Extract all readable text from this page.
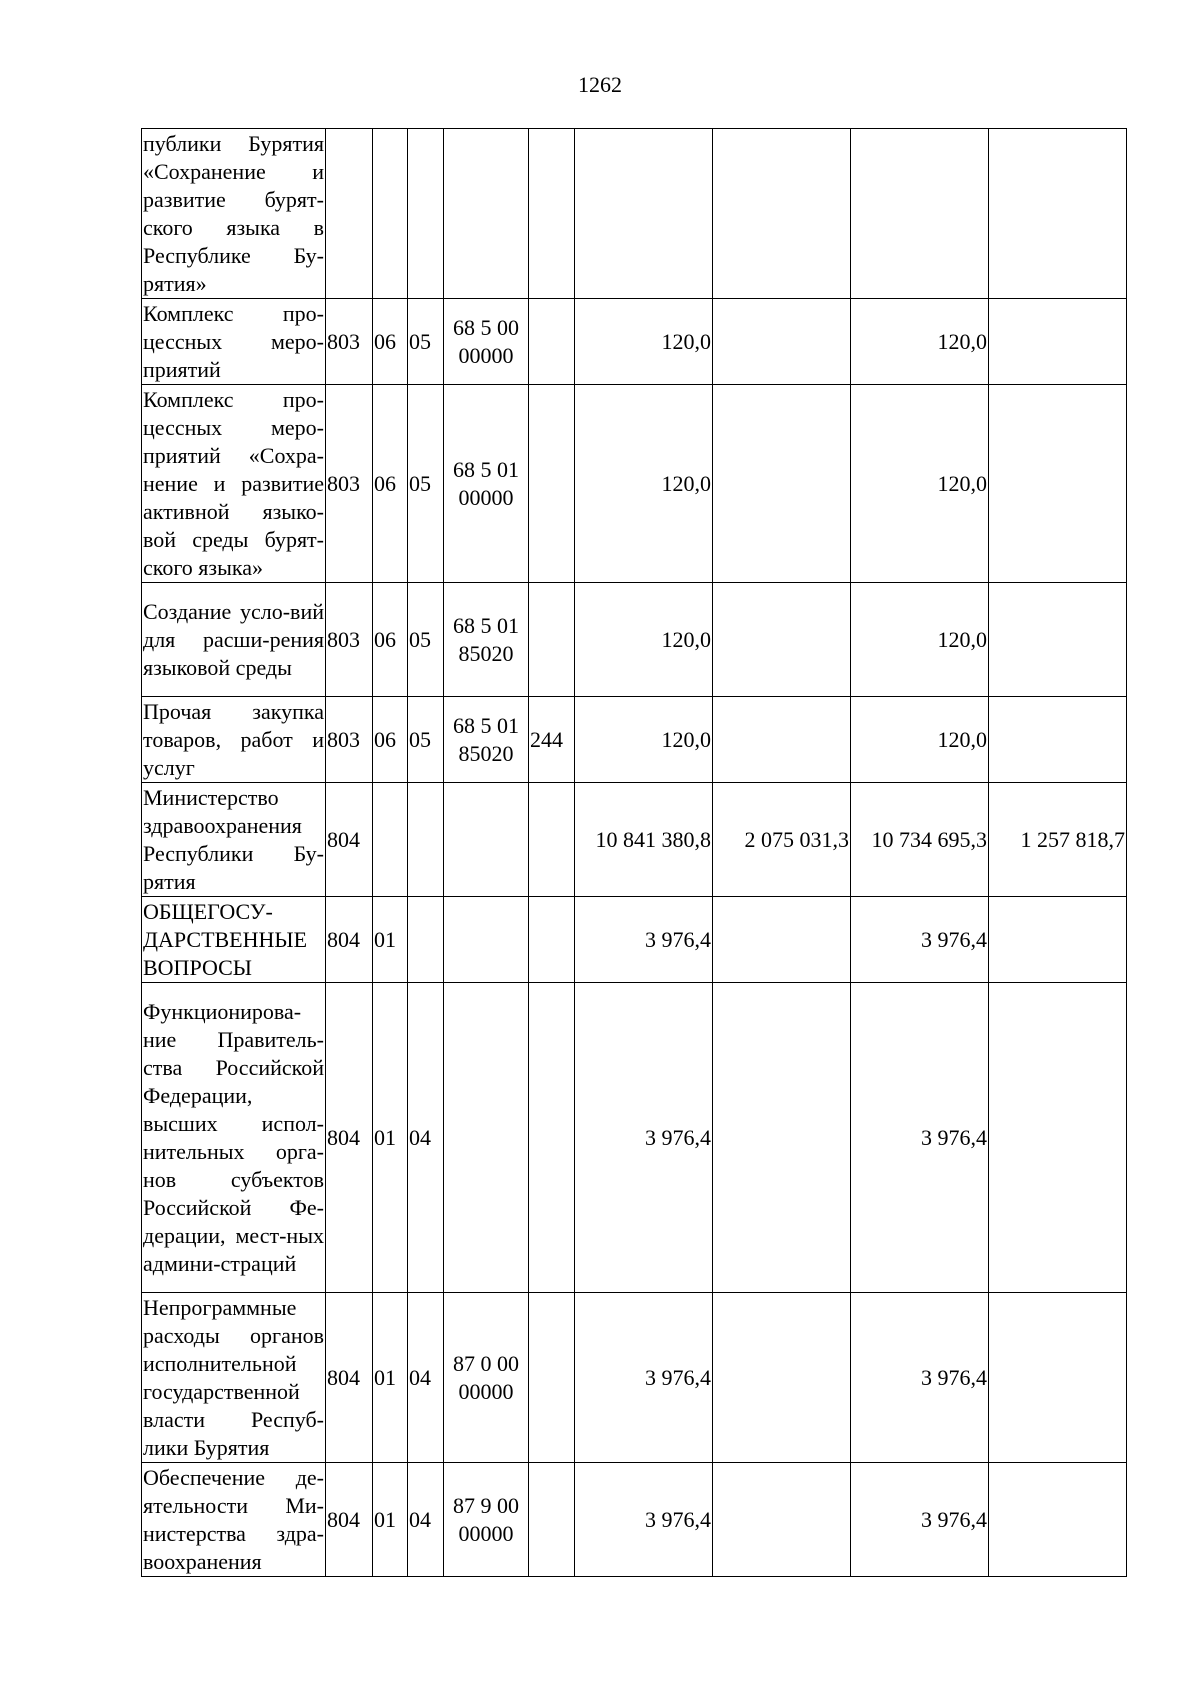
1262
публики Бурятия «Сохранение и развитие бурят-ского языка в Республике Бу-рятия»									
Комплекс про-цессных меро-приятий	803	06	05	68 5 00 00000		120,0		120,0	
Комплекс про-цессных меро-приятий «Сохра-нение и развитие активной языко-вой среды бурят-ского языка»	803	06	05	68 5 01 00000		120,0		120,0	
Создание усло-вий для расши-рения языковой среды	803	06	05	68 5 01 85020		120,0		120,0	
Прочая закупка товаров, работ и услуг	803	06	05	68 5 01 85020	244	120,0		120,0	
Министерство здравоохранения Республики Бу-рятия	804					10 841 380,8	2 075 031,3	10 734 695,3	1 257 818,7
ОБЩЕГОСУ-ДАРСТВЕННЫЕ ВОПРОСЫ	804	01				3 976,4		3 976,4	
Функционирова-ние Правитель-ства Российской Федерации, высших испол-нительных орга-нов субъектов Российской Фе-дерации, мест-ных админи-страций	804	01	04			3 976,4		3 976,4	
Непрограммные расходы органов исполнительной государственной власти Респуб-лики Бурятия	804	01	04	87 0 00 00000		3 976,4		3 976,4	
Обеспечение де-ятельности Ми-нистерства здра-воохранения	804	01	04	87 9 00 00000		3 976,4		3 976,4	
